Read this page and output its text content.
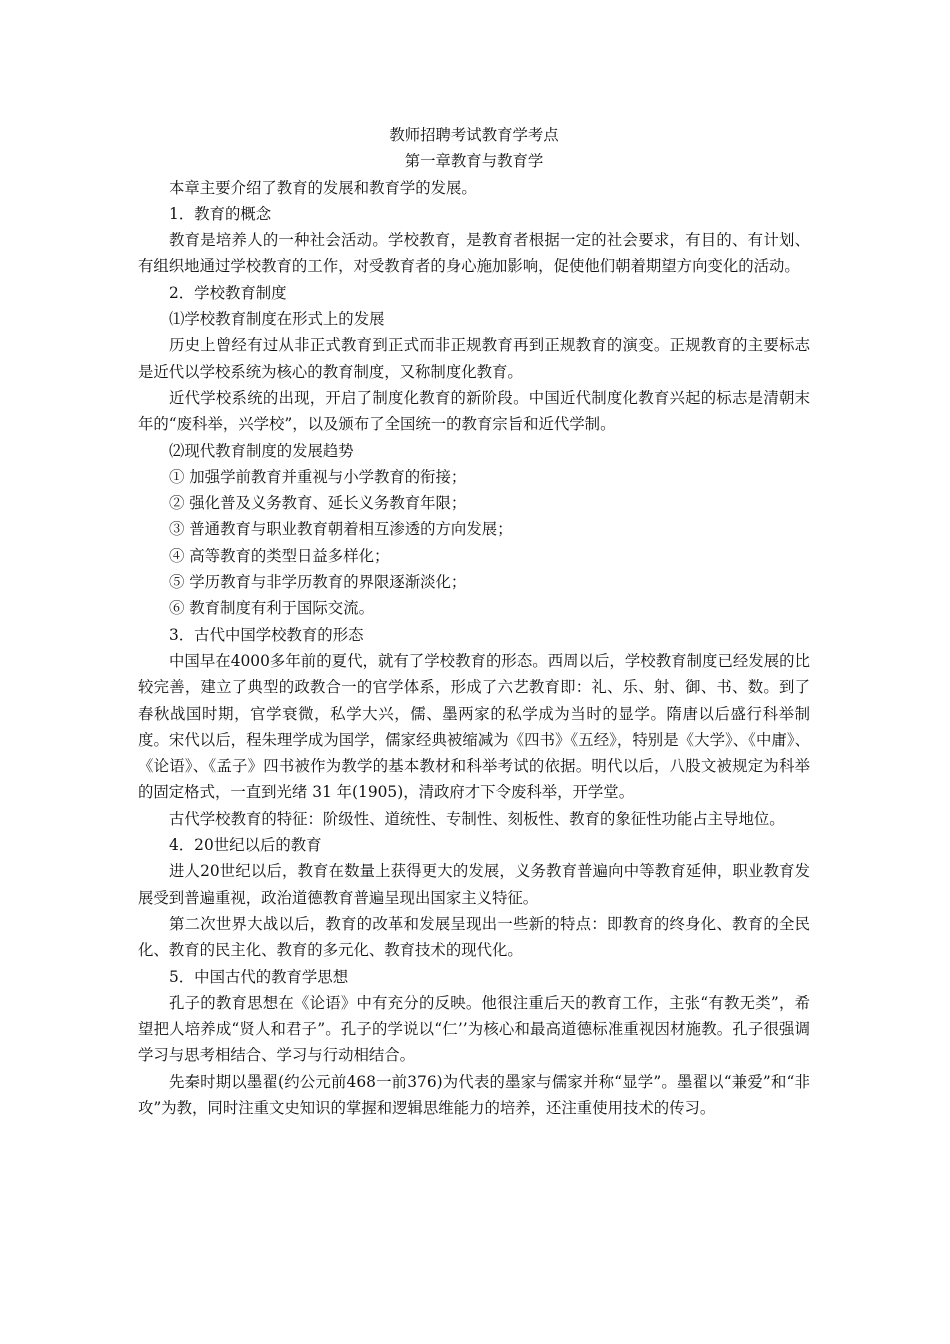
教师招聘考试教育学考点
第一章教育与教育学

本章主要介绍了教育的发展和教育学的发展。

1．教育的概念

教育是培养人的一种社会活动。学校教育，是教育者根据一定的社会要求，有目的、有计划、有组织地通过学校教育的工作，对受教育者的身心施加影响，促使他们朝着期望方向变化的活动。

2．学校教育制度

⑴学校教育制度在形式上的发展

历史上曾经有过从非正式教育到正式而非正规教育再到正规教育的演变。正规教育的主要标志是近代以学校系统为核心的教育制度，又称制度化教育。

近代学校系统的出现，开启了制度化教育的新阶段。中国近代制度化教育兴起的标志是清朝末年的“废科举，兴学校”，以及颁布了全国统一的教育宗旨和近代学制。

⑵现代教育制度的发展趋势

① 加强学前教育并重视与小学教育的衔接；

② 强化普及义务教育、延长义务教育年限；

③ 普通教育与职业教育朝着相互渗透的方向发展；

④ 高等教育的类型日益多样化；

⑤ 学历教育与非学历教育的界限逐渐淡化；

⑥ 教育制度有利于国际交流。

3．古代中国学校教育的形态

中国早在4000多年前的夏代，就有了学校教育的形态。西周以后，学校教育制度已经发展的比较完善，建立了典型的政教合一的官学体系，形成了六艺教育即：礼、乐、射、御、书、数。到了春秋战国时期，官学衰微，私学大兴，儒、墨两家的私学成为当时的显学。隋唐以后盛行科举制度。宋代以后，程朱理学成为国学，儒家经典被缩减为《四书》《五经》，特别是《大学》、《中庸》、《论语》、《孟子》四书被作为教学的基本教材和科举考试的依据。明代以后，八股文被规定为科举的固定格式，一直到光绪 31 年(1905)，清政府才下令废科举，开学堂。

古代学校教育的特征：阶级性、道统性、专制性、刻板性、教育的象征性功能占主导地位。

4．20世纪以后的教育

进人20世纪以后，教育在数量上获得更大的发展，义务教育普遍向中等教育延伸，职业教育发展受到普遍重视，政治道德教育普遍呈现出国家主义特征。

第二次世界大战以后，教育的改革和发展呈现出一些新的特点：即教育的终身化、教育的全民化、教育的民主化、教育的多元化、教育技术的现代化。

5．中国古代的教育学思想

孔子的教育思想在《论语》中有充分的反映。他很注重后天的教育工作，主张“有教无类”，希望把人培养成“贤人和君子”。孔子的学说以“仁’’为核心和最高道德标准重视因材施教。孔子很强调学习与思考相结合、学习与行动相结合。

先秦时期以墨翟(约公元前468一前376)为代表的墨家与儒家并称“显学”。墨翟以“兼爱”和“非攻”为教，同时注重文史知识的掌握和逻辑思维能力的培养，还注重使用技术的传习。
